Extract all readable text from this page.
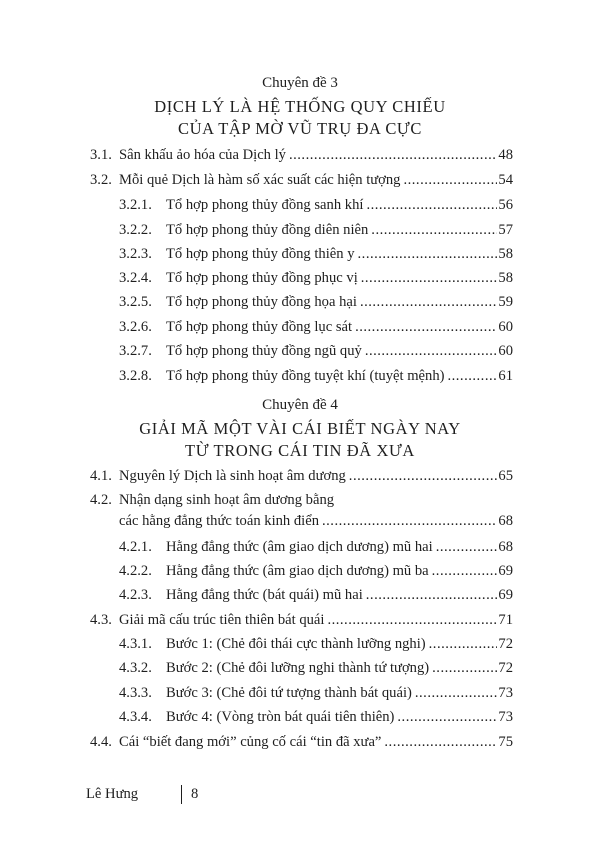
Chuyên đề 3
DỊCH LÝ LÀ HỆ THỐNG QUY CHIẾU
CỦA TẬP MỜ VŨ TRỤ ĐA CỰC
3.1. Sân khấu ảo hóa của Dịch lý .....	48
3.2. Mỗi quẻ Dịch là hàm số xác suất các hiện tượng .....	54
3.2.1. Tổ hợp phong thủy đồng sanh khí .....	56
3.2.2. Tổ hợp phong thủy đồng diên niên .....	57
3.2.3. Tổ hợp phong thủy đồng thiên y .....	58
3.2.4. Tổ hợp phong thủy đồng phục vị .....	58
3.2.5. Tổ hợp phong thủy đồng họa hại .....	59
3.2.6. Tổ hợp phong thủy đồng lục sát .....	60
3.2.7. Tổ hợp phong thủy đồng ngũ quỷ .....	60
3.2.8. Tổ hợp phong thủy đồng tuyệt khí (tuyệt mệnh) .....	61
Chuyên đề 4
GIẢI MÃ MỘT VÀI CÁI BIẾT NGÀY NAY
TỪ TRONG CÁI TIN ĐÃ XƯA
4.1. Nguyên lý Dịch là sinh hoạt âm dương .....	65
4.2. Nhận dạng sinh hoạt âm dương bằng
các hằng đẳng thức toán kinh điển .....	68
4.2.1. Hằng đẳng thức (âm giao dịch dương) mũ hai .....	68
4.2.2. Hằng đẳng thức (âm giao dịch dương) mũ ba .....	69
4.2.3. Hằng đẳng thức (bát quái) mũ hai .....	69
4.3. Giải mã cấu trúc tiên thiên bát quái .....	71
4.3.1. Bước 1: (Chẻ đôi thái cực thành lưỡng nghi) .....	72
4.3.2. Bước 2: (Chẻ đôi lưỡng nghi thành tứ tượng) .....	72
4.3.3. Bước 3: (Chẻ đôi tứ tượng thành bát quái) .....	73
4.3.4. Bước 4: (Vòng tròn bát quái tiên thiên) .....	73
4.4. Cái “biết đang mới” củng cố cái “tin đã xưa” .....	75
Lê Hưng	8
